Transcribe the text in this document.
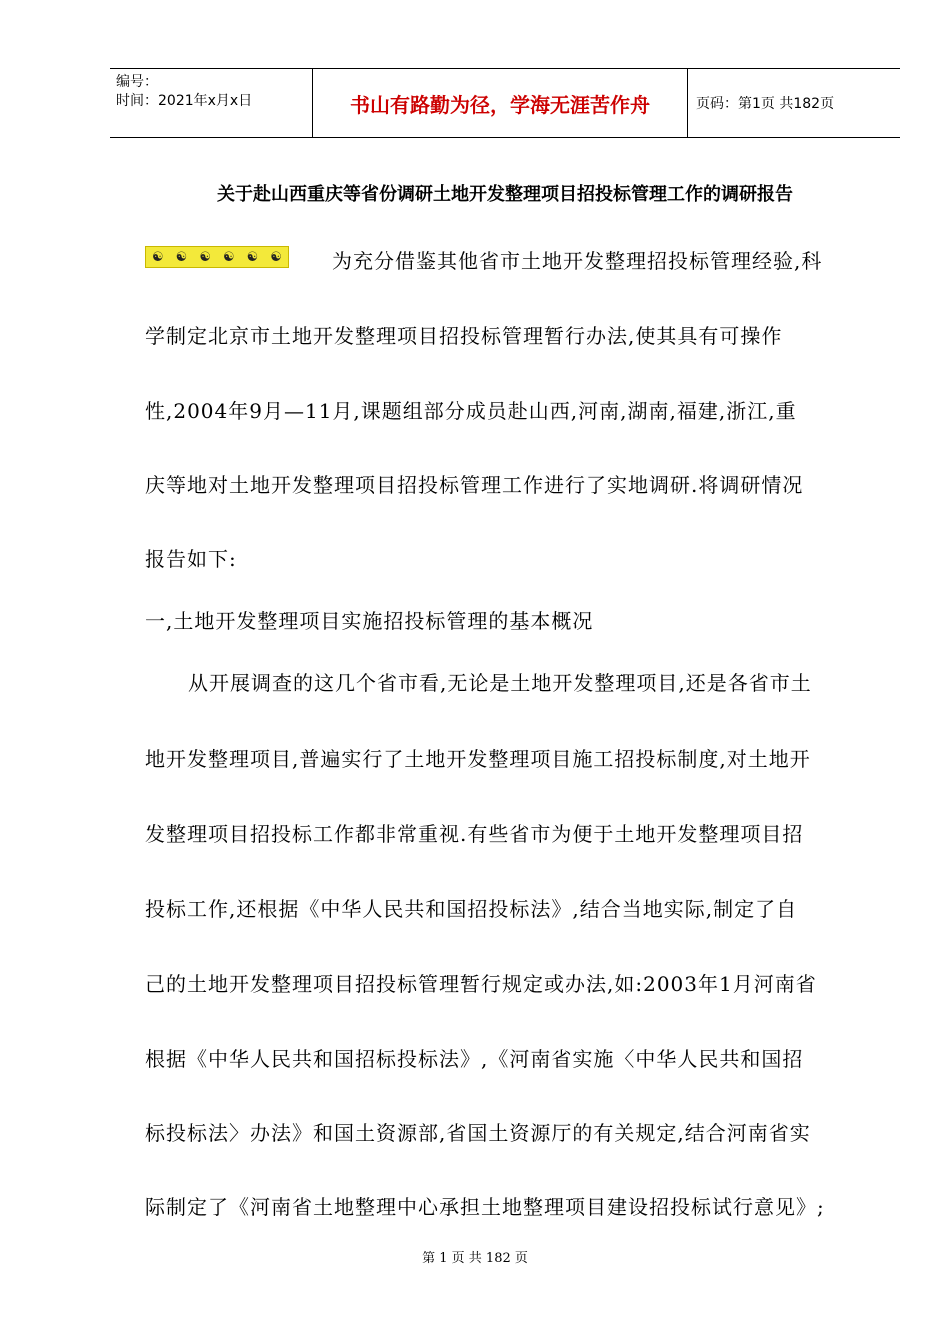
编号：
时间：2021年x月x日	书山有路勤为径，学海无涯苦作舟	页码：第1页 共182页
关于赴山西重庆等省份调研土地开发整理项目招投标管理工作的调研报告
☯ ☯ ☯ ☯ ☯ ☯	为充分借鉴其他省市土地开发整理招投标管理经验,科
学制定北京市土地开发整理项目招投标管理暂行办法,使其具有可操作
性,2004年9月—11月,课题组部分成员赴山西,河南,湖南,福建,浙江,重
庆等地对土地开发整理项目招投标管理工作进行了实地调研.将调研情况
报告如下:
一,土地开发整理项目实施招投标管理的基本概况
从开展调查的这几个省市看,无论是土地开发整理项目,还是各省市土
地开发整理项目,普遍实行了土地开发整理项目施工招投标制度,对土地开
发整理项目招投标工作都非常重视.有些省市为便于土地开发整理项目招
投标工作,还根据《中华人民共和国招投标法》,结合当地实际,制定了自
己的土地开发整理项目招投标管理暂行规定或办法,如:2003年1月河南省
根据《中华人民共和国招标投标法》,《河南省实施〈中华人民共和国招
标投标法〉办法》和国土资源部,省国土资源厅的有关规定,结合河南省实
际制定了《河南省土地整理中心承担土地整理项目建设招投标试行意见》;
第 1 页 共 182 页
